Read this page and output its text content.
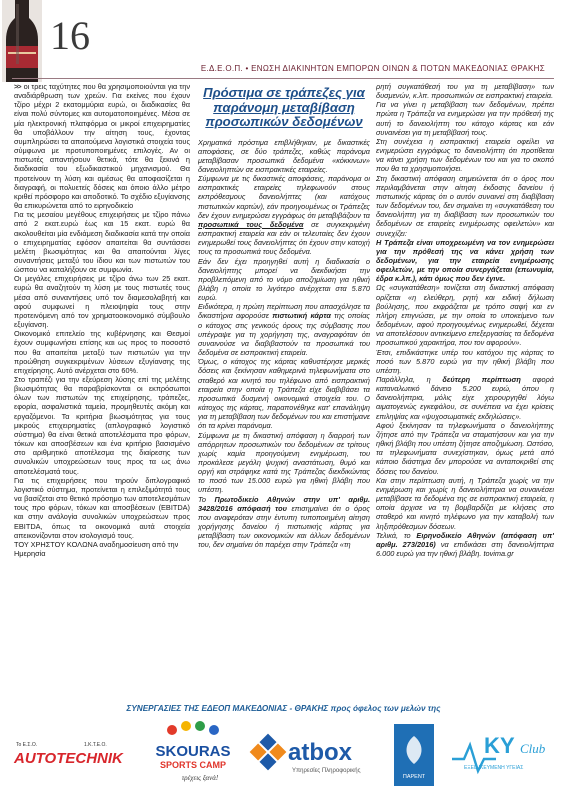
16
Ε.Δ.Ε.Ο.Π. • ΕΝΩΣΗ ΔΙΑΚΙΝΗΤΩΝ ΕΜΠΟΡΩΝ ΟΙΝΩΝ & ΠΟΤΩΝ ΜΑΚΕΔΟΝΙΑΣ ΘΡΑΚΗΣ

>> οι τρεις ταχύτητες που θα χρησιμοποιούνται για την αναδιάρθρωση των χρεών. Για εκείνες που έχουν τζίρο μέχρι 2 εκατομμύρια ευρώ, οι διαδικασίες θα είναι πολύ σύντομες και αυτοματοποιημένες. Μέσα σε μία ηλεκτρονική πλατφόρμα οι μικροί επιχειρηματίες θα υποβάλλουν την αίτηση τους, έχοντας συμπληρώσει τα απαιτούμενα λογιστικά στοιχεία τους σύμφωνα με προτυποποιημένες επιλογές. Αν οι πιστωτές απαντήσουν θετικά, τότε θα ξεκινά η διαδικασία του εξωδικαστικού μηχανισμού. Θα προτείνουν τη λύση και αμέσως θα αποφασίζεται η διαγραφή, οι πολυετείς δόσεις και όποιο άλλο μέτρο κριθεί πρόσφορο και αποδοτικό. Το σχέδιο εξυγίανσης θα επικυρώνεται από το ειρηνοδικείο

Για τις μεσαίου μεγέθους επιχειρήσεις με τζίρο πάνω από 2 εκατ.ευρώ έως και 15 εκατ. ευρώ θα ακολουθείται μία ενδιάμεση διαδικασία κατά την οποία ο επιχειρηματίας εφόσον απαιτείται θα συντάσσει μελέτη βιωσιμότητας και θα απαιτούνται λίγες συναντήσεις μεταξύ του ίδιου και των πιστωτών του ώσπου να καταλήξουν σε συμφωνία.

Οι μεγάλες επιχειρήσεις με τζίρο άνω των 25 εκατ. ευρώ θα αναζητούν τη λύση με τους πιστωτές τους μέσα από συναντήσεις υπό τον διαμεσολαβητή και αφού συμφωνεί η πλειοψηφία τους στην προτεινόμενη από τον χρηματοοικονομικό σύμβουλο εξυγίανση.

Οικονομικό επιτελείο της κυβέρνησης και Θεσμοί έχουν συμφωνήσει επίσης και ως προς το ποσοστό που θα απαιτείται μεταξύ των πιστωτών για την προώθηση συγκεκριμένων λύσεων εξυγίανσης της επιχείρησης. Αυτό ανέρχεται στο 60%.

Στο τραπέζι για την εξεύρεση λύσης επί της μελέτης βιωσιμότητας θα παραβρίσκονται οι εκπρόσωποι όλων των πιστωτών της επιχείρησης, τράπεζες, εφορία, ασφαλιστικά ταμεία, προμηθευτές ακόμη και εργαζόμενοι. Τα κριτήρια βιωσιμότητας για τους μικρούς επιχειρηματίες (απλογραφικό λογιστικό σύστημα) θα είναι θετικά αποτελέσματα προ φόρων, τόκων και αποσβέσεων και ένα κριτήριο βασισμένο στο αριθμητικό αποτέλεσμα της διαίρεσης των συνολικών υποχρεώσεων τους προς τα ως άνω αποτελέσματά τους.

Για τις επιχειρήσεις που τηρούν διπλογραφικό λογιστικό σύστημα, προτείνεται η επιλεξιμότητά τους να βασίζεται στο θετικό πρόσημο των αποτελεσμάτων τους προ φόρων, τόκων και αποσβέσεων (EBITDA) και στην ανάλογία συνολικών υποχρεώσεων προς EBITDA, όπως τα οικονομικά αυτά στοιχεία απεικονίζονται στον ισολογισμό τους.

ΤΟΥ ΧΡΗΣΤΟΥ ΚΟΛΩΝΑ αναδημοσίευση από την Ημερησία

Πρόστιμα σε τράπεζες για παράνομη μεταβίβαση προσωπικών δεδομένων

Χρηματικά πρόστιμα επιβλήθηκαν, με δικαστικές αποφάσεις, σε δύο τράπεζες, καθώς παράνομα μεταβίβασαν προσωπικά δεδομένα «κόκκινων» δανειοληπτών σε εισπρακτικές εταιρείες.

Σύμφωνα με τις δικαστικές αποφάσεις, παράνομα οι εισπρακτικές εταιρείες τηλεφωνούν στους εκπρόθεσμους δανειολήπτες (και κατόχους πιστωτικών καρτών), εάν προηγουμένως οι Τράπεζες δεν έχουν ενημερώσει εγγράφως ότι μεταβιβάζουν τα προσωπικά τους δεδομένα σε συγκεκριμένη εισπρακτική εταιρεία και εάν οι τελευταίες δεν έχουν ενημερωθεί τους δανειολήπτες ότι έχουν στην κατοχή τους τα προσωπικά τους δεδομένα.

Εάν δεν έχει προηγηθεί αυτή η διαδικασία ο δανειολήπτης μπορεί να διεκδικήσει την προβλεπόμενη από το νόμο αποζημίωση για ηθική βλάβη η οποία το λιγότερο ανέρχεται στα 5.870 ευρώ.

Ειδικότερα, η πρώτη περίπτωση που απασχόλησε τα δικαστήρια αφορούσε πιστωτική κάρτα της οποίας ο κάτοχος στις γενικούς όρους της σύμβασης που υπέγραψε για τη χορήγηση της, αναγραφόταν ότι συναινούσε να διαβιβαστούν τα προσωπικά του δεδομένα σε εισπρακτική εταιρεία.

Όμως, ο κάτοχος της κάρτας καθυστέρησε μερικές δόσεις και ξεκίνησαν καθημερινά τηλεφωνήματα στο σταθερό και κινητό του τηλέφωνο από εισπρακτική εταιρεία στην οποία η Τράπεζα είχε διαβιβάσει τα προσωπικά δυσμενή οικονομικά στοιχεία του. Ο κάτοχος της κάρτας, παραπονέθηκε κατ' επανάληψη για τη μεταβίβαση των δεδομένων του και επιστήμανε ότι τα κρίνει παράνομα.

Σύμφωνα με τη δικαστική απόφαση η διαρροή των απόρρητων προσωπικών του δεδομένων σε τρίτους χωρίς καμία προηγούμενη ενημέρωση, του προκάλεσε μεγάλη ψυχική αναστάτωση, θυμό και οργή και στράφηκε κατά της Τράπεζας διεκδικώντας το ποσό των 15.000 ευρώ για ηθική βλάβη που υπέστη.

Το Πρωτοδικείο Αθηνών στην υπ' αριθμ. 3428/2016 απόφασή του επισημαίνει ότι ο όρος που αναφερόταν στην έντυπη τυποποιημένη αίτηση χορήγησης δανείου ή πιστωτικής κάρτας για μεταβίβαση των οικονομικών και άλλων δεδομένων του, δεν σημαίνει ότι παρέχει στην Τράπεζα «τη

ρητή συγκατάθεσή του για τη μεταβίβαση» των δυσμενών, κ.λπ. προσωπικών σε εισπρακτική εταιρεία.

Για να γίνει η μεταβίβαση των δεδομένων, πρέπει πρώτα η Τράπεζα να ενημερώσει για την πρόθεσή της αυτή το δανειολήπτη του κάτοχο κάρτας και εάν συναινέσει για τη μεταβίβασή τους.

Στη συνέχεια η εισπρακτική εταιρεία οφείλει να ενημερώσει εγγράφως το δανειολήπτη ότι προτίθεται να κάνει χρήση των δεδομένων του και για το σκοπό που θα τα χρησιμοποιήσει.

Στη δικαστική απόφαση σημειώνεται ότι ο όρος που περιλαμβάνεται στην αίτηση έκδοσης δανείου ή πιστωτικής κάρτας ότι ο αυτόν συναινεί στη διαβίβαση των δεδομένων του, δεν σημαίνει τη «συγκατάθεση του δανειολήπτη για τη διαβίβαση των προσωπικών του δεδομένων σε εταιρείες ενημέρωσης οφειλετών» και συνεχίζει:

Η Τράπεζα είναι υποχρεωμένη να τον ενημερώσει για την πρόθεσή της να κάνει χρήση των δεδομένων, για την εταιρεία ενημέρωσης οφειλετών, με την οποία συνεργάζεται (επωνυμία, έδρα κ.λπ.), κάτι όμως που δεν έγινε.

Ως «συγκατάθεση» τονίζεται στη δικαστική απόφαση ορίζεται «η ελεύθερη, ρητή και ειδική δήλωση βούλησης, που εκφράζεται με τρόπο σαφή και εν πλήρη επιγνώσει, με την οποία το υποκείμενο των δεδομένων, αφού προηγουμένως ενημερωθεί, δέχεται να αποτελέσουν αντικείμενο επεξεργασίας τα δεδομένα προσωπικού χαρακτήρα, που τον αφορούν».

Έτσι, επιδικάστηκε υπέρ του κατόχου της κάρτας το ποσό των 5.870 ευρώ για την ηθική βλάβη που υπέστη.

Παράλληλα, η δεύτερη περίπτωση αφορά καταναλωτικό δάνειο 5.200 ευρώ, όπου η δανειολήπτρια, μόλις είχε χειρουργηθεί λόγω αιματογενώς εγκεφάλου, σε συνέπεια να έχει κρίσεις επιληψίας και «ψυχοσωματικές εκδηλώσεις».

Αφού ξεκίνησαν τα τηλεφωνήματα ο δανειολήπτης ζήτησε από την Τράπεζα να σταματήσουν και για την ηθική βλάβη που υπέστη ζήτησε αποζημίωση. Ωστόσο, τα τηλεφωνήματα συνεχίστηκαν, όμως μετά από κάποιο διάστημα δεν μπορούσε να ανταποκριθεί στις δόσεις του δανείου.

Και στην περίπτωση αυτή, η Τράπεζα χωρίς να την ενημέρωση και χωρίς η δανειολήπτρια να συναινέσει μεταβίβασε τα δεδομένα της σε εισπρακτική εταιρεία, η οποία άρχισε να τη βομβαρδίζει με κλήσεις στο σταθερό και κινητό τηλέφωνο για την καταβολή των ληξιπρόθεσμων δόσεων.

Τελικά, το Ειρηνοδικείο Αθηνών (απόφαση υπ' αριθμ. 273/2016) να επιδικάσει στη δανειολήπτρια 6.000 ευρώ για την ηθική βλάβη. tovima.gr

ΣΥΝΕΡΓΑΣΙΕΣ ΤΗΣ ΕΔΕΟΠ ΜΑΚΕΔΟΝΙΑΣ - ΘΡΑΚΗΣ προς όφελος των μελών της
Το Ε.Σ.Ο.	1.Κ.Τ.Ε.Ο.
AUTOTECHNIK SKOURAS
SPORTS CAMP
τρέχεις ξανά!
atbox
Υπηρεσίες Πληροφορικής
ΠΑΡΕΝΤ
K Y Club
ΕΞΕΙΔΙΚΕΥΜΕΝΗ ΥΓΕΙΑΣ
